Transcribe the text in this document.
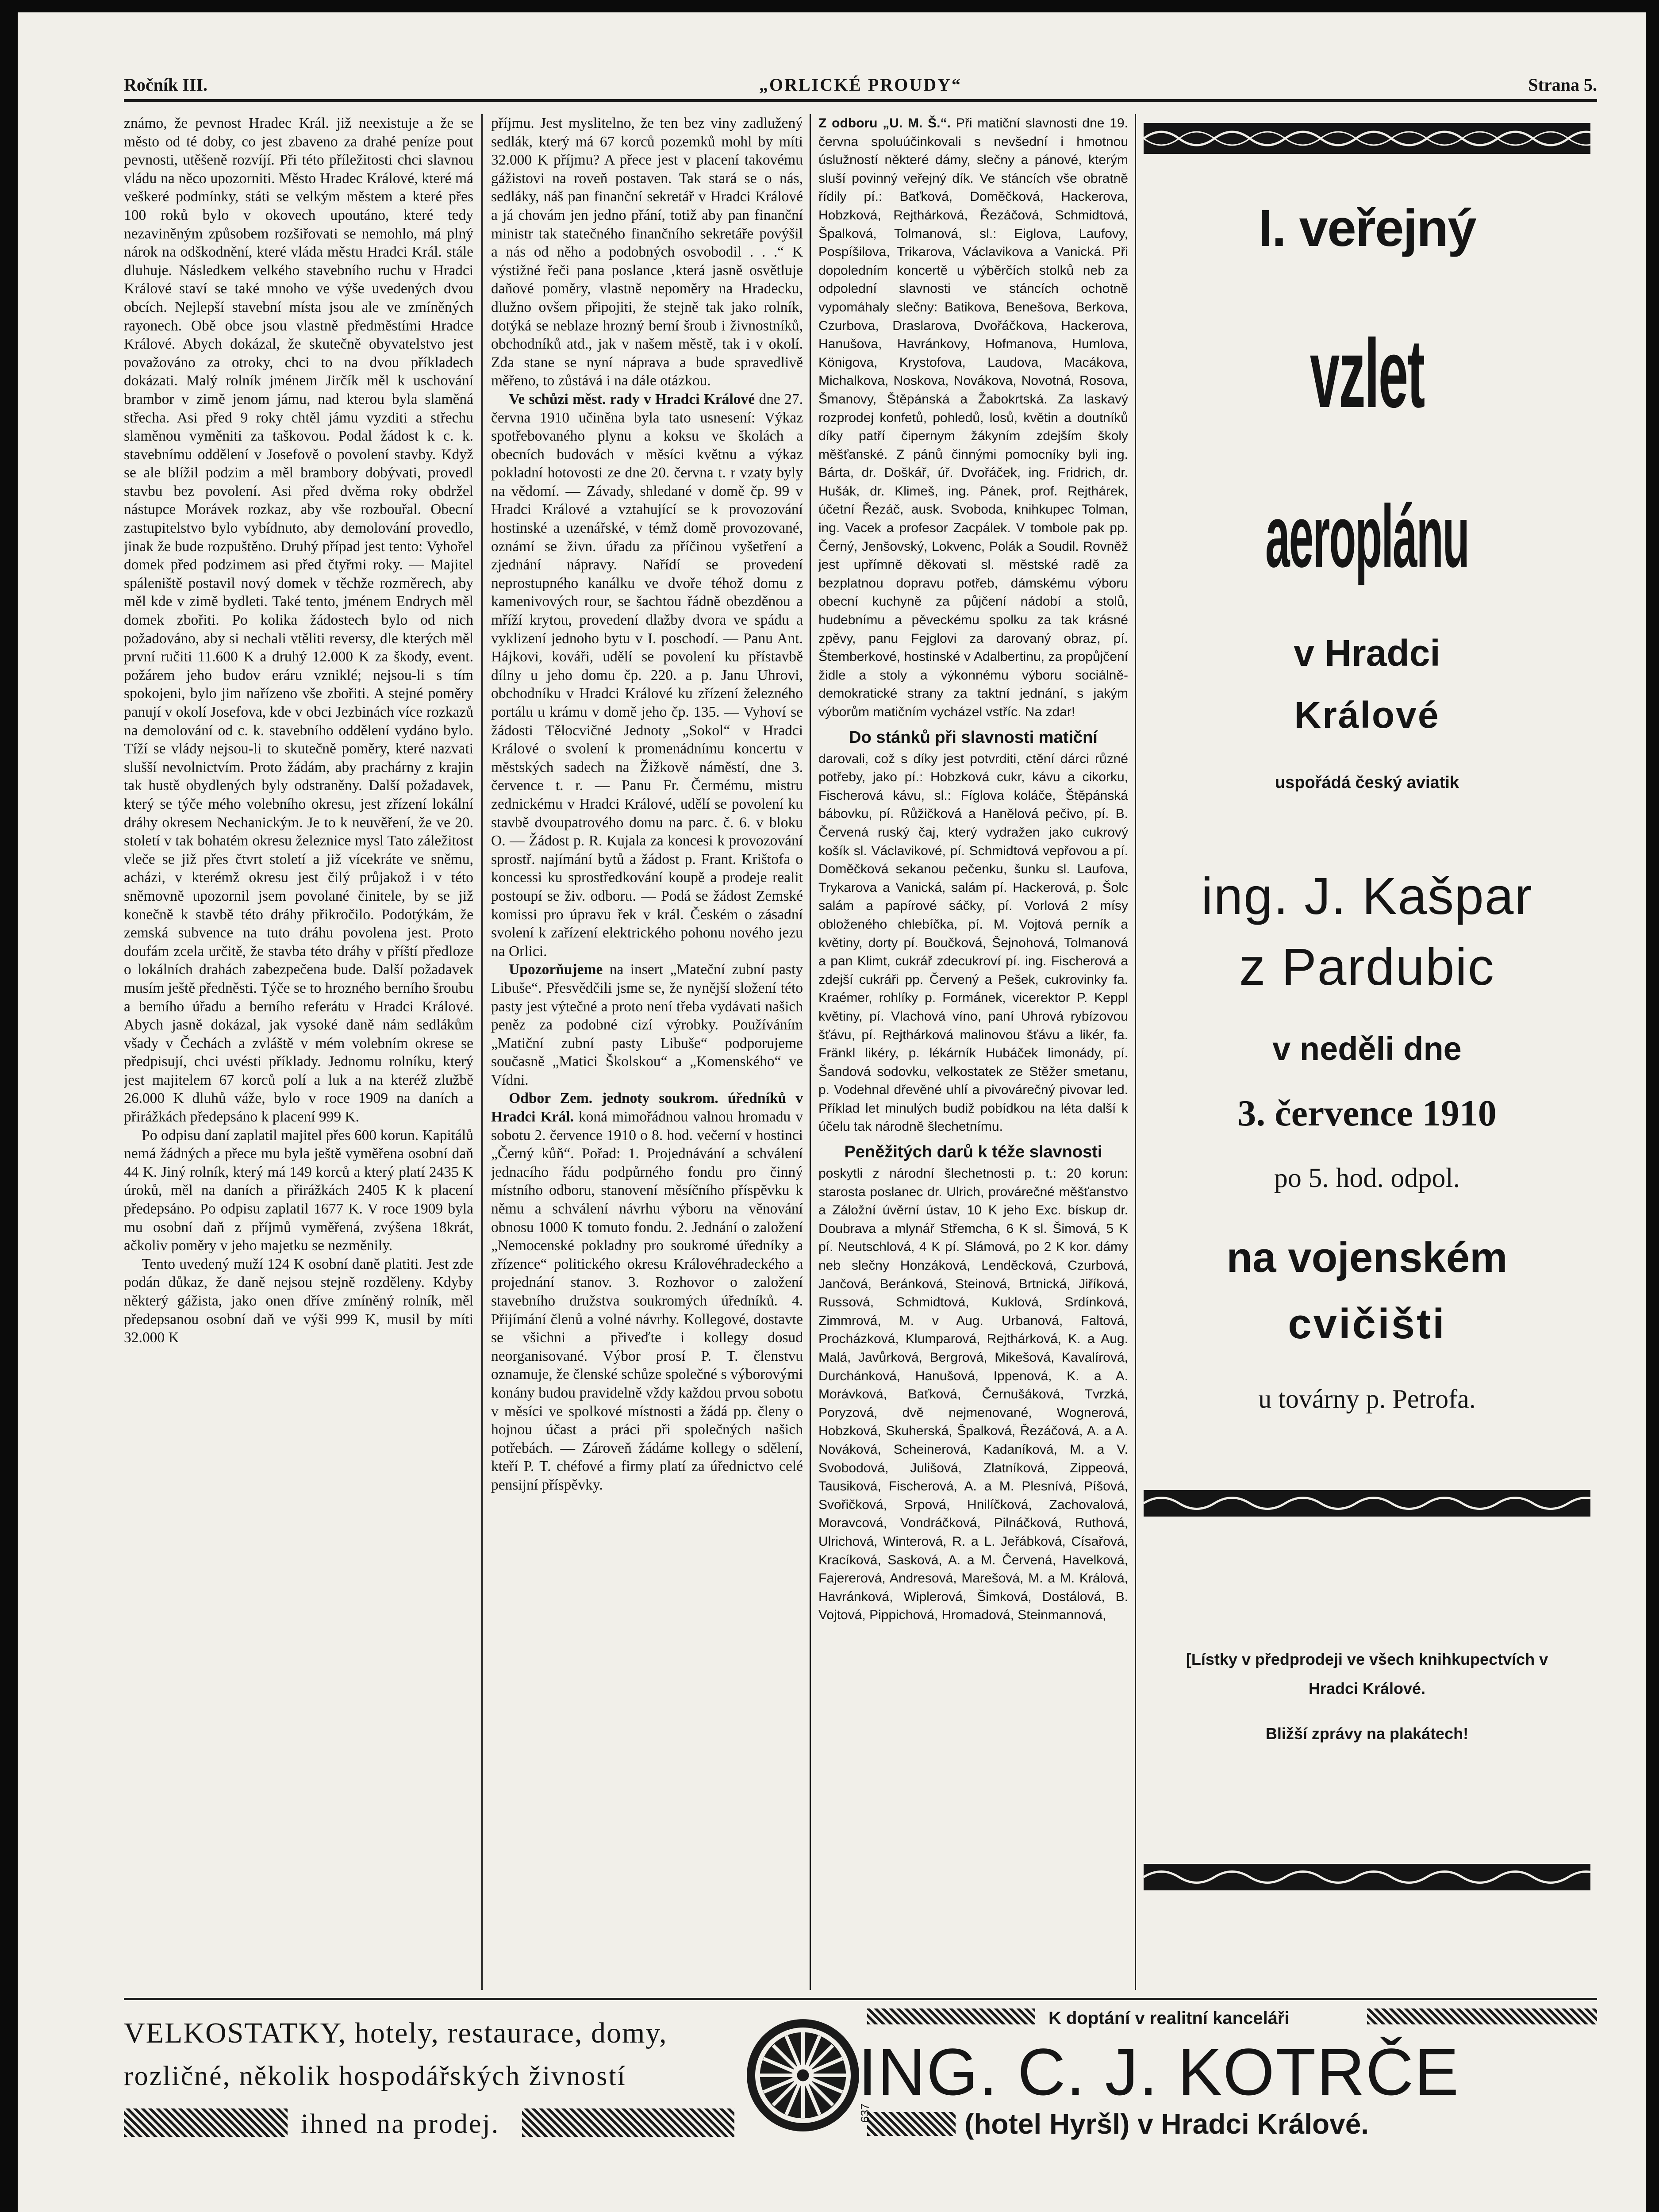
Ročník III.	„ORLICKÉ PROUDY“	Strana 5.

známo, že pevnost Hradec Král. již neexistuje a že se město od té doby, co jest zbaveno za drahé peníze pout pevnosti, utěšeně rozvíjí. Při této příležitosti chci slavnou vládu na něco upozorniti. Město Hradec Králové, které má veškeré podmínky, státi se velkým městem a které přes 100 roků bylo v okovech upoutáno, které tedy nezaviněným způsobem rozšiřovati se nemohlo, má plný nárok na odškodnění, které vláda městu Hradci Král. stále dluhuje. Následkem velkého stavebního ruchu v Hradci Králové staví se také mnoho ve výše uvedených dvou obcích. Nejlepší stavební místa jsou ale ve zmíněných rayonech. Obě obce jsou vlastně předměstími Hradce Králové. Abych dokázal, že skutečně obyvatelstvo jest považováno za otroky, chci to na dvou příkladech dokázati. Malý rolník jménem Jirčík měl k uschování brambor v zimě jenom jámu, nad kterou byla slaměná střecha. Asi před 9 roky chtěl jámu vyzditi a střechu slaměnou vyměniti za taškovou. Podal žádost k c. k. stavebnímu oddělení v Josefově o povolení stavby. Když se ale blížil podzim a měl brambory dobývati, provedl stavbu bez povolení. Asi před dvěma roky obdržel nástupce Morávek rozkaz, aby vše rozbouřal. Obecní zastupitelstvo bylo vybídnuto, aby demolování provedlo, jinak že bude rozpuštěno. Druhý případ jest tento: Vyhořel domek před podzimem asi před čtyřmi roky. — Majitel spáleniště postavil nový domek v těchže rozměrech, aby měl kde v zimě bydleti. Také tento, jménem Endrych měl domek zbořiti. Po kolika žádostech bylo od nich požadováno, aby si nechali vtěliti reversy, dle kterých měl první ručiti 11.600 K a druhý 12.000 K za škody, event. požárem jeho budov eráru vzniklé; nejsou-li s tím spokojeni, bylo jim nařízeno vše zbořiti. A stejné poměry panují v okolí Josefova, kde v obci Jezbinách více rozkazů na demolování od c. k. stavebního oddělení vydáno bylo. Tíží se vlády nejsou-li to skutečně poměry, které nazvati slušší nevolnictvím. Proto žádám, aby prachárny z krajin tak hustě obydlených byly odstraněny. Další požadavek, který se týče mého volebního okresu, jest zřízení lokální dráhy okresem Nechanickým. Je to k neuvěření, že ve 20. století v tak bohatém okresu železnice mysl Tato záležitost vleče se již přes čtvrt století a již vícekráte ve sněmu, acházi, v kterémž okresu jest čilý průjakož i v této sněmovně upozornil jsem povolané činitele, by se již konečně k stavbě této dráhy přikročilo. Podotýkám, že zemská subvence na tuto dráhu povolena jest. Proto doufám zcela určitě, že stavba této dráhy v příští předloze o lokálních drahách zabezpečena bude. Další požadavek musím ještě předněsti. Týče se to hrozného berního šroubu a berního úřadu a berního referátu v Hradci Králové. Abych jasně dokázal, jak vysoké daně nám sedlákům všady v Čechách a zvláště v mém volebním okrese se předpisují, chci uvésti příklady. Jednomu rolníku, který jest majitelem 67 korců polí a luk a na kteréž zlužbě 26.000 K dluhů váže, bylo v roce 1909 na daních a přirážkách předepsáno k placení 999 K.

Po odpisu daní zaplatil majitel přes 600 korun. Kapitálů nemá žádných a přece mu byla ještě vyměřena osobní daň 44 K. Jiný rolník, který má 149 korců a který platí 2435 K úroků, měl na daních a přirážkách 2405 K k placení předepsáno. Po odpisu zaplatil 1677 K. V roce 1909 byla mu osobní daň z příjmů vyměřená, zvýšena 18krát, ačkoliv poměry v jeho majetku se nezměnily.

Tento uvedený muží 124 K osobní daně platiti. Jest zde podán důkaz, že daně nejsou stejně rozděleny. Kdyby některý gážista, jako onen dříve zmíněný rolník, měl předepsanou osobní daň ve výši 999 K, musil by míti 32.000 K

příjmu. Jest myslitelno, že ten bez viny zadlužený sedlák, který má 67 korců pozemků mohl by míti 32.000 K příjmu? A přece jest v placení takovému gážistovi na roveň postaven. Tak stará se o nás, sedláky, náš pan finanční sekretář v Hradci Králové a já chovám jen jedno přání, totiž aby pan finanční ministr tak statečného finančního sekretáře povýšil a nás od něho a podobných osvobodil . . .“ K výstižné řeči pana poslance ‚která jasně osvětluje daňové poměry, vlastně nepoměry na Hradecku, dlužno ovšem připojiti, že stejně tak jako rolník, dotýká se neblaze hrozný berní šroub i živnostníků, obchodníků atd., jak v našem městě, tak i v okolí. Zda stane se nyní náprava a bude spravedlivě měřeno, to zůstává i na dále otázkou.

Ve schůzi měst. rady v Hradci Králové dne 27. června 1910 učiněna byla tato usnesení: Výkaz spotřebovaného plynu a koksu ve školách a obecních budovách v měsíci květnu a výkaz pokladní hotovosti ze dne 20. června t. r vzaty byly na vědomí. — Závady, shledané v domě čp. 99 v Hradci Králové a vztahující se k provozování hostinské a uzenářské, v témž domě provozované, oznámí se živn. úřadu za příčinou vyšetření a zjednání nápravy. Nařídí se provedení neprostupného kanálku ve dvoře téhož domu z kamenivových rour, se šachtou řádně obezděnou a mříží krytou, provedení dlažby dvora ve spádu a vyklizení jednoho bytu v I. poschodí. — Panu Ant. Hájkovi, kováři, udělí se povolení ku přístavbě dílny u jeho domu čp. 220. a p. Janu Uhrovi, obchodníku v Hradci Králové ku zřízení železného portálu u krámu v domě jeho čp. 135. — Vyhoví se žádosti Tělocvičné Jednoty „Sokol“ v Hradci Králové o svolení k promenádnímu koncertu v městských sadech na Žižkově náměstí, dne 3. července t. r. — Panu Fr. Čermému, mistru zednickému v Hradci Králové, udělí se povolení ku stavbě dvoupatrového domu na parc. č. 6. v bloku O. — Žádost p. R. Kujala za koncesi k provozování sprostř. najímání bytů a žádost p. Frant. Krištofa o koncessi ku sprostředkování koupě a prodeje realit postoupí se živ. odboru. — Podá se žádost Zemské komissi pro úpravu řek v král. Českém o zásadní svolení k zařízení elektrického pohonu nového jezu na Orlici.

Upozorňujeme na insert „Mateční zubní pasty Libuše“. Přesvědčili jsme se, že nynější složení této pasty jest výtečné a proto není třeba vydávati našich peněz za podobné cizí výrobky. Používáním „Matiční zubní pasty Libuše“ podporujeme současně „Matici Školskou“ a „Komenského“ ve Vídni.

Odbor Zem. jednoty soukrom. úředníků v Hradci Král. koná mimořádnou valnou hromadu v sobotu 2. července 1910 o 8. hod. večerní v hostinci „Černý kůň“. Pořad: 1. Projednávání a schválení jednacího řádu podpůrného fondu pro činný místního odboru, stanovení měsíčního příspěvku k němu a schválení návrhu výboru na věnování obnosu 1000 K tomuto fondu. 2. Jednání o založení „Nemocenské pokladny pro soukromé úředníky a zřízence“ politického okresu Královéhradeckého a projednání stanov. 3. Rozhovor o založení stavebního družstva soukromých úředníků. 4. Přijímání členů a volné návrhy. Kollegové, dostavte se všichni a přiveďte i kollegy dosud neorganisované. Výbor prosí P. T. členstvu oznamuje, že členské schůze společné s výborovými konány budou pravidelně vždy každou prvou sobotu v měsíci ve spolkové místnosti a žádá pp. členy o hojnou účast a práci při společných našich potřebách. — Zároveň žádáme kollegy o sdělení, kteří P. T. chéfové a firmy platí za úřednictvo celé pensijní příspěvky.

Z odboru „U. M. Š.“. Při matiční slavnosti dne 19. června spoluúčinkovali s nevšední i hmotnou úslužností některé dámy, slečny a pánové, kterým sluší povinný veřejný dík. Ve stáncích vše obratně řídily pí.: Baťková, Doměčková, Hackerova, Hobzková, Rejthárková, Řezáčová, Schmidtová, Špalková, Tolmanová, sl.: Eiglova, Laufovy, Pospíšilova, Trikarova, Václavikova a Vanická. Při dopoledním koncertě u výběrčích stolků neb za odpolední slavnosti ve stáncích ochotně vypomáhaly slečny: Batikova, Benešova, Berkova, Czurbova, Draslarova, Dvořáčkova, Hackerova, Hanušova, Havránkovy, Hofmanova, Humlova, Königova, Krystofova, Laudova, Macákova, Michalkova, Noskova, Novákova, Novotná, Rosova, Šmanovy, Štěpánská a Žabokrtská. Za laskavý rozprodej konfetů, pohledů, losů, květin a doutníků díky patří čipernym žákyním zdejším školy měšťanské. Z pánů činnými pomocníky byli ing. Bárta, dr. Doškář, úř. Dvořáček, ing. Fridrich, dr. Hušák, dr. Klimeš, ing. Pánek, prof. Rejthárek, účetní Řezáč, ausk. Svoboda, knihkupec Tolman, ing. Vacek a profesor Zacpálek. V tombole pak pp. Černý, Jenšovský, Lokvenc, Polák a Soudil. Rovněž jest upřímně děkovati sl. městské radě za bezplatnou dopravu potřeb, dámskému výboru obecní kuchyně za půjčení nádobí a stolů, hudebnímu a pěveckému spolku za tak krásné zpěvy, panu Fejglovi za darovaný obraz, pí. Štemberkové, hostinské v Adalbertinu, za propůjčení židle a stoly a výkonnému výboru sociálně-demokratické strany za taktní jednání, s jakým výborům matičním vycházel vstříc. Na zdar!

Do stánků při slavnosti matiční

darovali, což s díky jest potvrditi, ctění dárci různé potřeby, jako pí.: Hobzková cukr, kávu a cikorku, Fischerová kávu, sl.: Fíglova koláče, Štěpánská bábovku, pí. Růžičková a Hanělová pečivo, pí. B. Červená ruský čaj, který vydražen jako cukrový košík sl. Václavikové, pí. Schmidtová vepřovou a pí. Doměčková sekanou pečenku, šunku sl. Laufova, Trykarova a Vanická, salám pí. Hackerová, p. Šolc salám a papírové sáčky, pí. Vorlová 2 mísy obloženého chlebíčka, pí. M. Vojtová perník a květiny, dorty pí. Boučková, Šejnohová, Tolmanová a pan Klimt, cukrář zdecukroví pí. ing. Fischerová a zdejší cukráři pp. Červený a Pešek, cukrovinky fa. Kraémer, rohlíky p. Formánek, vicerektor P. Keppl květiny, pí. Vlachová víno, paní Uhrová rybízovou šťávu, pí. Rejthárková malinovou šťávu a likér, fa. Fränkl likéry, p. lékárník Hubáček limonády, pí. Šandová sodovku, velkostatek ze Stěžer smetanu, p. Vodehnal dřevěné uhlí a pivovárečný pivovar led. Příklad let minulých budiž pobídkou na léta další k účelu tak národně šlechetnímu.

Peněžitých darů k téže slavnosti

poskytli z národní šlechetnosti p. t.: 20 korun: starosta poslanec dr. Ulrich, provárečné měšťanstvo a Záložní úvěrní ústav, 10 K jeho Exc. bískup dr. Doubrava a mlynář Střemcha, 6 K sl. Šimová, 5 K pí. Neutschlová, 4 K pí. Slámová, po 2 K kor. dámy neb slečny Honzáková, Lenděcková, Czurbová, Jančová, Beránková, Steinová, Brtnická, Jiříková, Russová, Schmidtová, Kuklová, Srdínková, Zimmrová, M. v Aug. Urbanová, Faltová, Procházková, Klumparová, Rejthárková, K. a Aug. Malá, Javůrková, Bergrová, Mikešová, Kavalírová, Durchánková, Hanušová, Ippenová, K. a A. Morávková, Baťková, Černušáková, Tvrzká, Poryzová, dvě nejmenované, Wognerová, Hobzková, Skuherská, Špalková, Řezáčová, A. a A. Nováková, Scheinerová, Kadaníková, M. a V. Svobodová, Julišová, Zlatníková, Zippeová, Tausiková, Fischerová, A. a M. Plesnívá, Píšová, Svořičková, Srpová, Hnilíčková, Zachovalová, Moravcová, Vondráčková, Pilnáčková, Ruthová, Ulrichová, Winterová, R. a L. Jeřábková, Císařová, Kracíková, Sasková, A. a M. Červená, Havelková, Fajererová, Andresová, Marešová, M. a M. Králová, Havránková, Wiplerová, Šimková, Dostálová, B. Vojtová, Pippichová, Hromadová, Steinmannová,

I. veřejný
vzlet
aeroplánu
v Hradci
Králové
uspořádá český aviatik
ing. J. Kašpar
z Pardubic
v neděli dne
3. července 1910
po 5. hod. odpol.
na vojenském
cvičišti
u továrny p. Petrofa.
[Lístky v předprodeji ve všech knihkupectvích v Hradci Králové.
Bližší zprávy na plakátech!
VELKOSTATKY, hotely, restaurace, domy,
rozličné, několik hospodářských živností
ihned na prodej.
K doptání v realitní kanceláři
ING. C. J. KOTRČE
(hotel Hyršl) v Hradci Králové.
637
